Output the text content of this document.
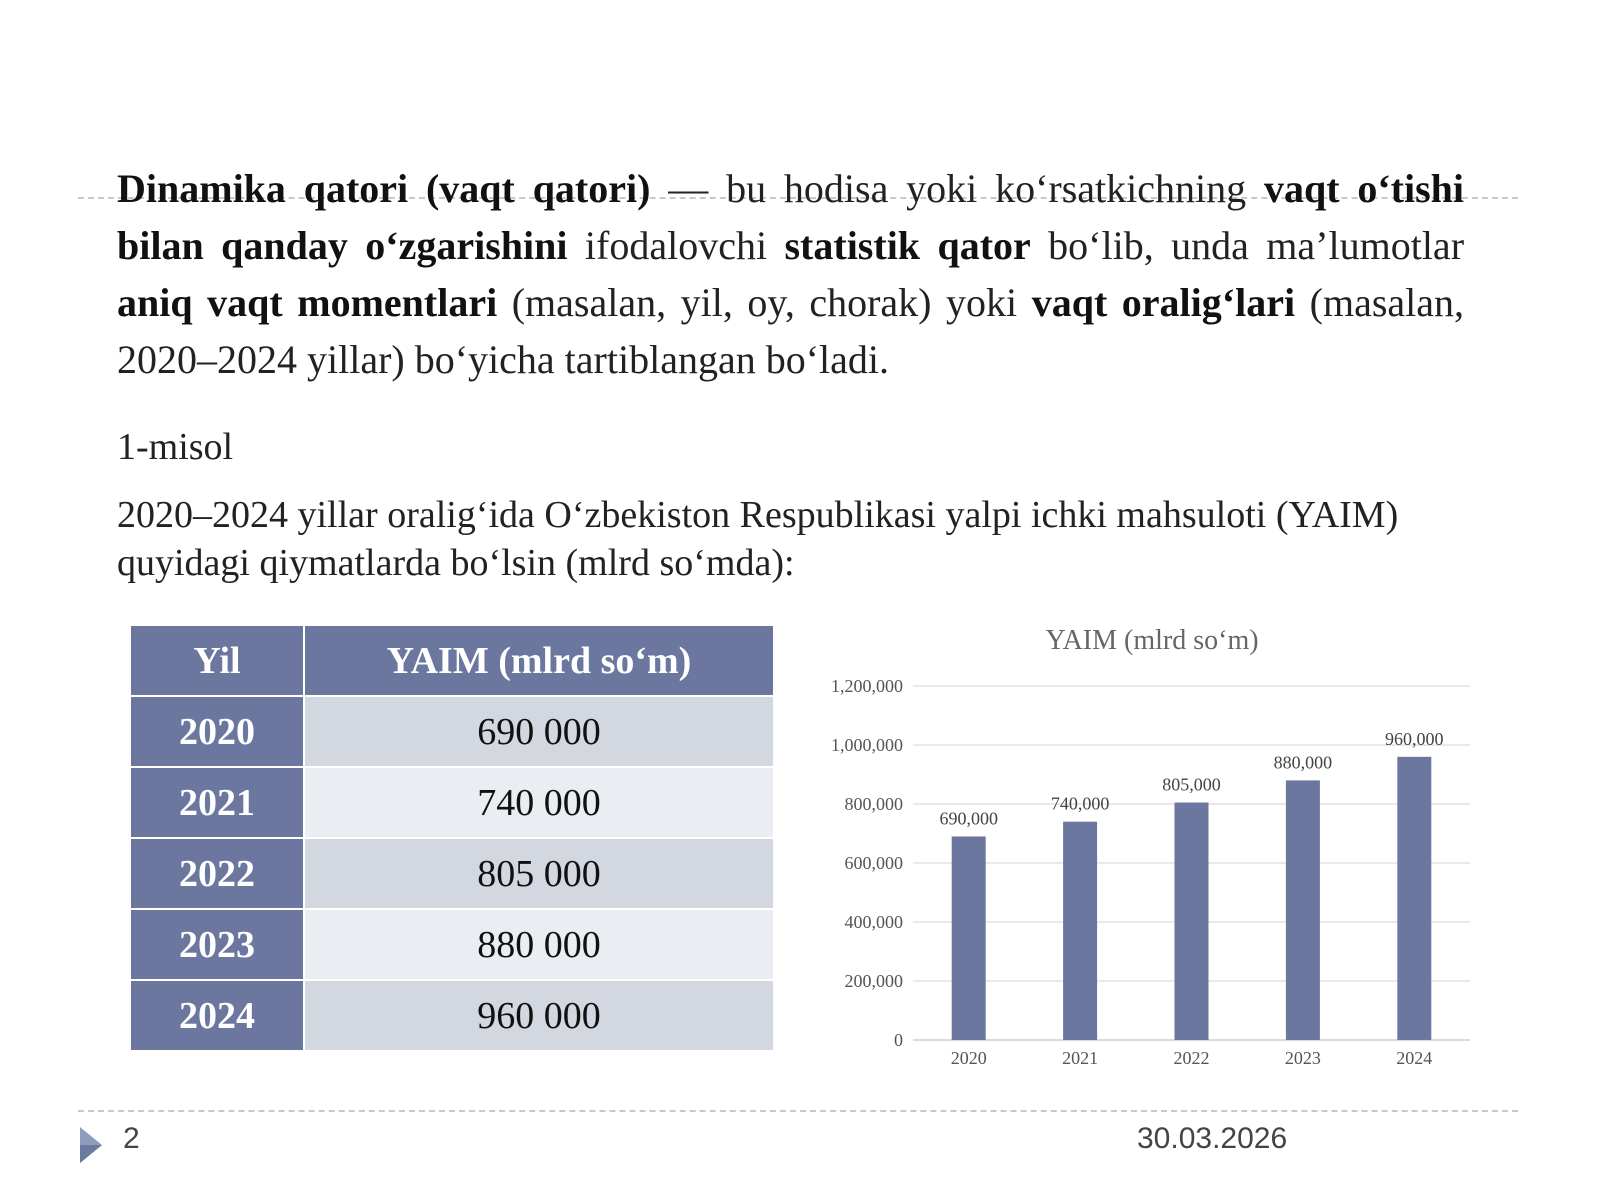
Dinamika qatori (vaqt qatori) — bu hodisa yoki ko‘rsatkichning vaqt o‘tishi bilan qanday o‘zgarishini ifodalovchi statistik qator bo‘lib, unda ma’lumotlar aniq vaqt momentlari (masalan, yil, oy, chorak) yoki vaqt oralig‘lari (masalan, 2020–2024 yillar) bo‘yicha tartiblangan bo‘ladi.
1-misol
2020–2024 yillar oralig‘ida O‘zbekiston Respublikasi yalpi ichki mahsuloti (YAIM) quyidagi qiymatlarda bo‘lsin (mlrd so‘mda):
Yil	YAIM (mlrd so‘m)
2020	690 000
2021	740 000
2022	805 000
2023	880 000
2024	960 000
YAIM (mlrd so‘m)
0
200,000
400,000
600,000
800,000
1,000,000
1,200,000
690,000
2020
740,000
2021
805,000
2022
880,000
2023
960,000
2024
2	30.03.2026
